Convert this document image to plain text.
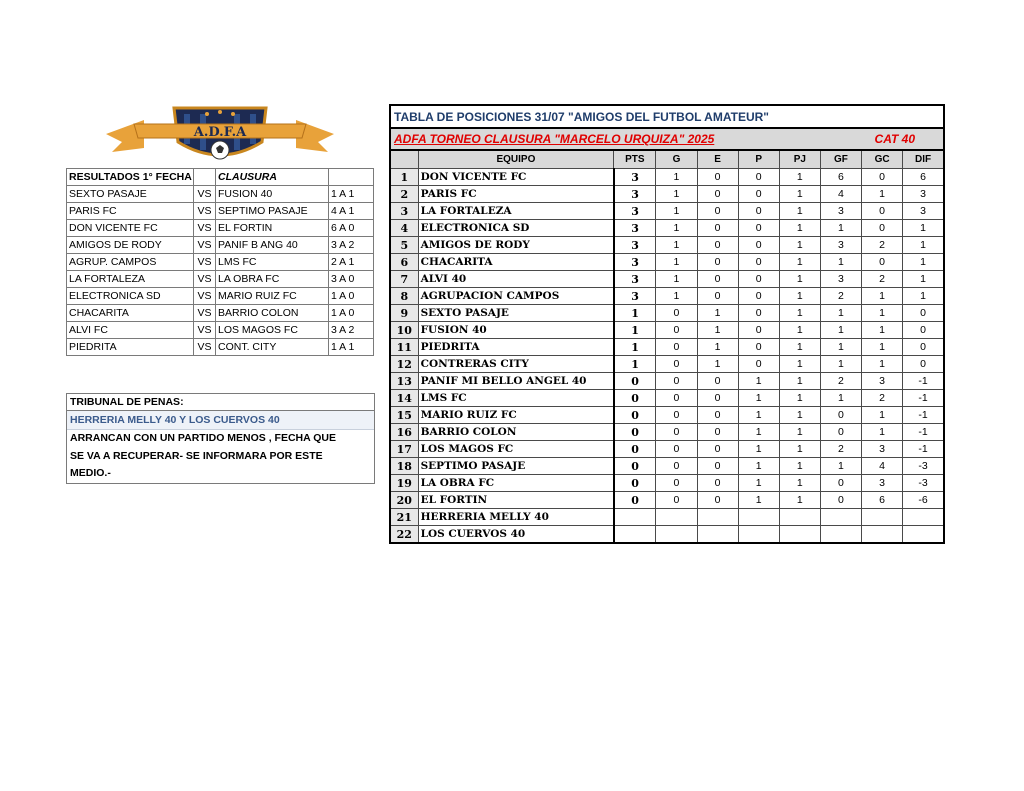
A.D.F.A
RESULTADOS 1° FECHA		CLAUSURA	
SEXTO PASAJE	VS	FUSION 40	1 A 1
PARIS FC	VS	SEPTIMO PASAJE	4 A 1
DON VICENTE FC	VS	EL FORTIN	6 A 0
AMIGOS DE RODY	VS	PANIF B ANG 40	3 A 2
AGRUP. CAMPOS	VS	LMS FC	2 A 1
LA FORTALEZA	VS	LA OBRA FC	3 A 0
ELECTRONICA SD	VS	MARIO RUIZ FC	1 A 0
CHACARITA	VS	BARRIO COLON	1 A 0
ALVI FC	VS	LOS MAGOS FC	3 A 2
PIEDRITA	VS	CONT. CITY	1 A 1
TRIBUNAL DE PENAS:
HERRERIA MELLY 40 Y LOS CUERVOS 40
ARRANCAN CON UN PARTIDO MENOS , FECHA QUE
SE VA A RECUPERAR- SE INFORMARA POR ESTE
MEDIO.-
TABLA DE POSICIONES 31/07 "AMIGOS DEL FUTBOL AMATEUR"									
ADFA TORNEO CLAUSURA "MARCELO URQUIZA" 2025 CAT 40									

	EQUIPO	PTS	G	E	P	PJ	GF	GC	DIF
1	DON VICENTE FC	3	1	0	0	1	6	0	6
2	PARIS FC	3	1	0	0	1	4	1	3
3	LA FORTALEZA	3	1	0	0	1	3	0	3
4	ELECTRONICA SD	3	1	0	0	1	1	0	1
5	AMIGOS DE RODY	3	1	0	0	1	3	2	1
6	CHACARITA	3	1	0	0	1	1	0	1
7	ALVI 40	3	1	0	0	1	3	2	1
8	AGRUPACION CAMPOS	3	1	0	0	1	2	1	1
9	SEXTO PASAJE	1	0	1	0	1	1	1	0
10	FUSION 40	1	0	1	0	1	1	1	0
11	PIEDRITA	1	0	1	0	1	1	1	0
12	CONTRERAS CITY	1	0	1	0	1	1	1	0
13	PANIF MI BELLO ANGEL 40	0	0	0	1	1	2	3	-1
14	LMS FC	0	0	0	1	1	1	2	-1
15	MARIO RUIZ FC	0	0	0	1	1	0	1	-1
16	BARRIO COLON	0	0	0	1	1	0	1	-1
17	LOS MAGOS FC	0	0	0	1	1	2	3	-1
18	SEPTIMO PASAJE	0	0	0	1	1	1	4	-3
19	LA OBRA FC	0	0	0	1	1	0	3	-3
20	EL FORTIN	0	0	0	1	1	0	6	-6
21	HERRERIA MELLY 40								
22	LOS CUERVOS 40								
